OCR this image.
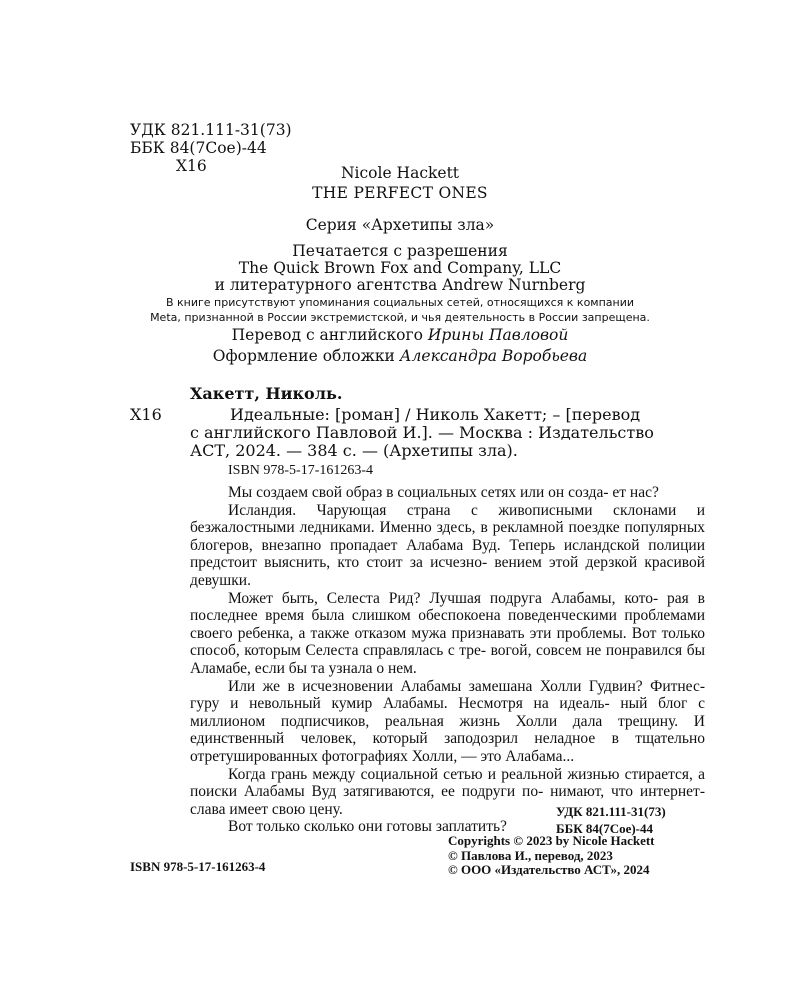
УДК 821.111-31(73)
ББК 84(7Сое)-44
Х16	Nicole Hackett
THE PERFECT ONES
Серия «Архетипы зла»
Печатается с разрешения
The Quick Brown Fox and Company, LLC
и литературного агентства Andrew Nurnberg
В книге присутствуют упоминания социальных сетей, относящихся к компании
Meta, признанной в России экстремистской, и чья деятельность в России запрещена.
Перевод с английского Ирины Павловой
Оформление обложки Александра Воробьева
Хакетт, Николь.
Х16	Идеальные: [роман] / Николь Хакетт; – [перевод
с английского Павловой И.]. — Москва : Издательство
АСТ, 2024. — 384 с. — (Архетипы зла).
ISBN 978-5-17-161263-4

Мы создаем свой образ в социальных сетях или он созда- ет нас?

Исландия. Чарующая страна с живописными склонами и безжалостными ледниками. Именно здесь, в рекламной поездке популярных блогеров, внезапно пропадает Алабама Вуд. Теперь исландской полиции предстоит выяснить, кто стоит за исчезно- вением этой дерзкой красивой девушки.

Может быть, Селеста Рид? Лучшая подруга Алабамы, кото- рая в последнее время была слишком обеспокоена поведенческими проблемами своего ребенка, а также отказом мужа признавать эти проблемы. Вот только способ, которым Селеста справлялась с тре- вогой, совсем не понравился бы Аламабе, если бы та узнала о нем.

Или же в исчезновении Алабамы замешана Холли Гудвин? Фитнес-гуру и невольный кумир Алабамы. Несмотря на идеаль- ный блог с миллионом подписчиков, реальная жизнь Холли дала трещину. И единственный человек, который заподозрил неладное в тщательно отретушированных фотографиях Холли, — это Алабама...

Когда грань между социальной сетью и реальной жизнью стирается, а поиски Алабамы Вуд затягиваются, ее подруги по- нимают, что интернет-слава имеет свою цену.

Вот только сколько они готовы заплатить?

УДК 821.111-31(73)
ББК 84(7Сое)-44
ISBN 978-5-17-161263-4
Copyrights © 2023 by Nicole Hackett
© Павлова И., перевод, 2023
© ООО «Издательство АСТ», 2024
